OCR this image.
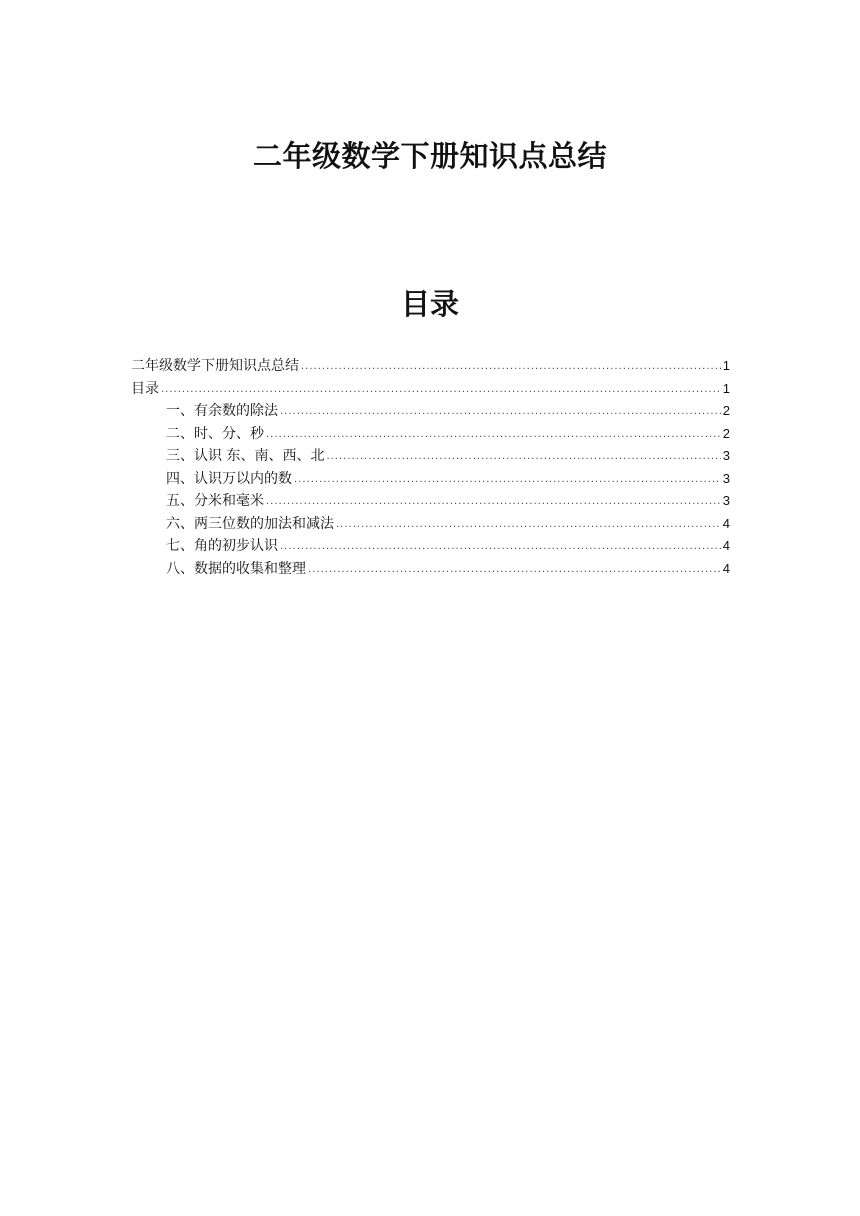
二年级数学下册知识点总结
目录
二年级数学下册知识点总结 .....	1
目录 .....	1
一、有余数的除法 .....	2
二、时、分、秒 .....	2
三、认识 东、南、西、北 .....	3
四、认识万以内的数 .....	3
五、分米和毫米 .....	3
六、两三位数的加法和减法 .....	4
七、角的初步认识 .....	4
八、数据的收集和整理 .....	4
